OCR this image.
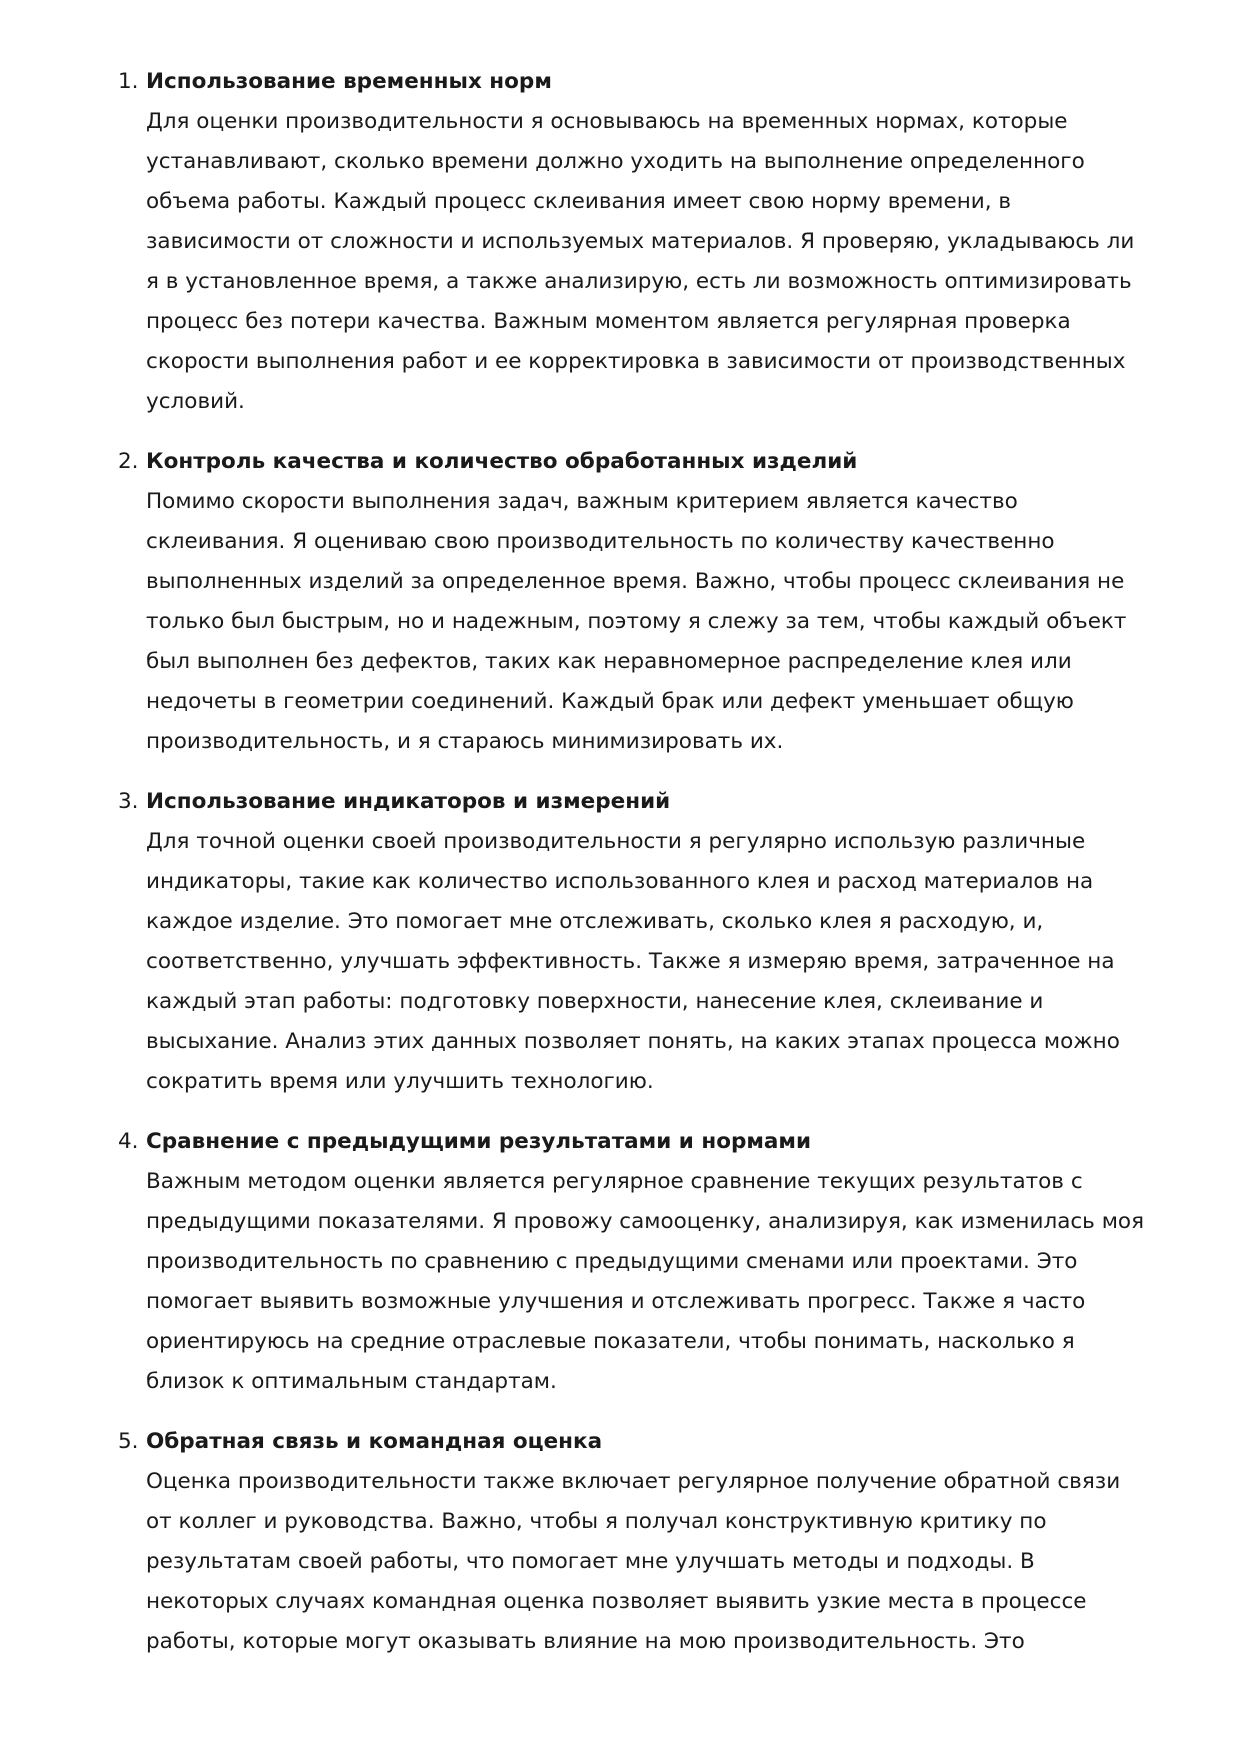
1. Использование временных норм
Для оценки производительности я основываюсь на временных нормах, которые
устанавливают, сколько времени должно уходить на выполнение определенного
объема работы. Каждый процесс склеивания имеет свою норму времени, в
зависимости от сложности и используемых материалов. Я проверяю, укладываюсь ли
я в установленное время, а также анализирую, есть ли возможность оптимизировать
процесс без потери качества. Важным моментом является регулярная проверка
скорости выполнения работ и ее корректировка в зависимости от производственных
условий.
2. Контроль качества и количество обработанных изделий
Помимо скорости выполнения задач, важным критерием является качество
склеивания. Я оцениваю свою производительность по количеству качественно
выполненных изделий за определенное время. Важно, чтобы процесс склеивания не
только был быстрым, но и надежным, поэтому я слежу за тем, чтобы каждый объект
был выполнен без дефектов, таких как неравномерное распределение клея или
недочеты в геометрии соединений. Каждый брак или дефект уменьшает общую
производительность, и я стараюсь минимизировать их.
3. Использование индикаторов и измерений
Для точной оценки своей производительности я регулярно использую различные
индикаторы, такие как количество использованного клея и расход материалов на
каждое изделие. Это помогает мне отслеживать, сколько клея я расходую, и,
соответственно, улучшать эффективность. Также я измеряю время, затраченное на
каждый этап работы: подготовку поверхности, нанесение клея, склеивание и
высыхание. Анализ этих данных позволяет понять, на каких этапах процесса можно
сократить время или улучшить технологию.
4. Сравнение с предыдущими результатами и нормами
Важным методом оценки является регулярное сравнение текущих результатов с
предыдущими показателями. Я провожу самооценку, анализируя, как изменилась моя
производительность по сравнению с предыдущими сменами или проектами. Это
помогает выявить возможные улучшения и отслеживать прогресс. Также я часто
ориентируюсь на средние отраслевые показатели, чтобы понимать, насколько я
близок к оптимальным стандартам.
5. Обратная связь и командная оценка
Оценка производительности также включает регулярное получение обратной связи
от коллег и руководства. Важно, чтобы я получал конструктивную критику по
результатам своей работы, что помогает мне улучшать методы и подходы. В
некоторых случаях командная оценка позволяет выявить узкие места в процессе
работы, которые могут оказывать влияние на мою производительность. Это
